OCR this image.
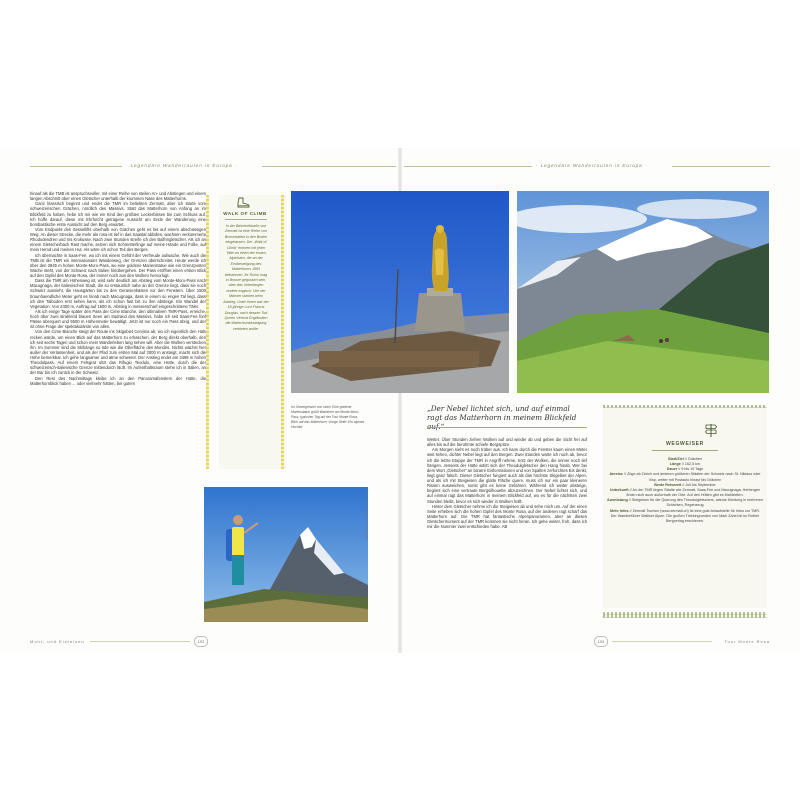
· Legendäre Wanderrouten in Europa ·	· Legendäre Wanderrouten in Europa ·

hinauf als die TMB ist anspruchsvoller, mit einer Reihe von steilen An- und Abstiegen und einem langen Abschnitt über einen Gletscher unterhalb der krummen Nase des Matterhorns.

Ganz klassisch beginnt und endet die TMR im beliebten Zermatt, aber ich starte vom schweizerischen Grächen, nördlich des Massivs. Statt das Matterhorn von Anfang an im Blickfeld zu haben, hebe ich mir wie ein Kind den größten Leckerbissen bis zum Schluss auf. Ich hoffe darauf, diese mit Ehrfurcht getragene Aussicht am Ende der Wanderung eine bombastische erste Aussicht auf den Berg erwartet.

Vom Endpunkt des Sessellifts oberhalb von Grächen geht es bis auf einem abschüssigen Weg. An dieser Strecke, die mehr als rosa ist tief in das Saastal abfallen, wachsen verkümmerte Rhododendren und Iris Krokusse. Nach zwei Stunden streife ich den Balfringletscher. Als ich an einem Gletscherbach Rast mache, setzen sich Schmetterlinge auf meine Hände und Füße, auf mein Hemd und meinen Hut. Als wäre ich schon Teil des Berges.

Ich übernachte in Saas-Fee, wo ich mit einem Gefühl der Verfreude aufwache. Wie auch die TMB ist die TMR ein internationaler Wanderweg, der Grenzen überschreitet. Heute werde ich über den 2845 m hohen Monte-Moro-Pass, wo eine goldene Marienstatue wie ein Grenzposten Wache steht, von der Schweiz nach Italien hinübergehen. Der Pass eröffnet einen ersten Blick auf den Gipfel des Monte Rosa, der immer noch aus den Wolken hervorlugt.

Dass die TMR am Höhenweg ist, wird sehr deutlich am Abstieg vom Monte-Moro-Pass nach Macugnaga, der italienischen Stadt, die so erstaunlich nahe an der Grenze liegt, dass sie noch Schweiz aussieht, die Hausgärten bis zu den Geranienkästen vor den Fenstern. Über 1500 braunhaendliche Meter geht es hinab nach Macugnaga, dass in einem so engen Tal liegt, dass ich den Talboden erst sehen kann, als ich schon fast bis zu ihm absteige. Ein Wandel der Vegetation: Von 2300 m, Auftrag auf 1500 m, Abstieg in messerscharf eingeschnittene Täler.

Als ich einige Tage später den Pass der Cime Bianche, den ultimativen TMR-Pass, erreiche, hoch über zwei strahlend blauen Seen am Südrand des Massivs, habe ich seit Saas-Fee fünf Pässe überquert und 5500 m Höhenmeter bewältigt. Jetzt ist nur noch ein Pass übrig, und der ist ohne Frage der spektakulärste von allen.

Von den Cime Bianche steigt der Route ins Skigebiet Cervinia ab, wo ich eigentlich den Hals recken würde, um einen Blick auf das Matterhorn zu erhaschen, der Berg direkt oberhalb, den ich seit sechs Tagen und schon mein Wanderleben lang sehen will. Aber die Wolken verstecken ihn. Im Sommer sind die Skihänge so öde wie die Oberfläche des Mondes. Nichts wächst hier außer der Verlassenheit, und als der Pfad zum ersten Mal auf 3000 m ansteigt, macht sich die Höhe bemerkbar. Ich gehe langsamer und atme schwerer. Der Anstieg endet am 3496 m hohen Theodulpass. Auf einem Felsgrat sitzt das Rifugio Teodulo, eine Hütte, durch die der schweizerisch-italienische Grenze mittendurch läuft. Im Aufenthaltsraum stehe ich in Italien, an der Bar bin ich zurück in der Schweiz.

Den Rest des Nachmittags kleibe ich an den Panoramafenstern der Hütte, die Matterhornblick haben ... oder vielmehr hätten, bei gutem

WALK OF CLIMB
In der Bahnhofstraße von Zermatt ist eine Reihe von Bronzetafeln in den Boden eingelassen. Der „Walk of Climb“ erinnert mit jeder Tafel an einen der ersten Alpinisten, die an der Erstbesteigung des Matterhorns 1865 teilnahmen. Ihr Ruhm mag in Bronze gegossen sein, aber das Unterfangen endete tragisch: Vier der Männer starben beim Abstieg. Unter ihnen war der 18-jährige Lord Francis Douglas, nach dessen Tod Queen Victoria Engländern die Matterhornbesteigung verbieten wollte.
Im Uhrzeigersinn von oben: Eine goldene Marienstatue grüßt Wanderer am Monte-Moro-Pass; typischer Tag auf der Tour Monte Rosa; Blick auf das Matterhorn; Vorige Seite: Ein alpines Hochtal
© Carsten Rose / Shutterstock; Florian Müller
„Der Nebel lichtet sich, und auf einmal ragt das Matterhorn in meinem Blickfeld auf.“

Wetter. Über Stunden ziehen Wolken auf und wieder ab und geben die Sicht frei auf alles bis auf die berühmte schiefe Bergspitze.

Am Morgen sieht es noch trüber aus. Ich kann durch die Fenster kaum einen Meter weit sehen, dichter Nebel liegt auf den Bergen. Zwei Stunden warte ich noch ab, bevor ich die letzte Etappe der TMR in Angriff nehme, trotz der Wolken, die immer noch tief hängen. Jenseits der Hütte wälzt sich der Theodulgletscher den Hang hinab. Wer bei dem Wort „Gletscher“ an bizarre Eisformationen und von Spalten zerfurchtes Eis denkt, liegt ganz falsch. Dieser Gletscher fungiert auch als das höchste Skigebiet der Alpen, und als ich mit Steigeisen die glatte Fläche quere, muss ich nur ein paar kleineren Rissen ausweichen, sonst gibt es keine Gefahren. Während ich weiter absteige, beginnt sich eine vertraute Bergsilhouette abzuzeichnen. Der Nebel lichtet sich, und auf einmal ragt das Matterhorn in meinem Blickfeld auf, wo es für die nächsten zwei Stunden bleibt, bevor es sich wieder in Wolken hüllt.

Hinter dem Gletscher nehme ich die Steigeisen ab und sehe mich um. Auf der einen Seite erheben sich die hohen Gipfel des Monte Rosa, auf der anderen ragt scharf das Matterhorn auf. Die TMR hat fantastische Alpenpanoramen, aber an diesen Gletschermoment auf der TMR kommen sie nicht heran. Ich gehe weiter, froh, dass ich mir die Nummer zwei entschieden habe. AB

WEGWEISER
Start/Ziel // Grächen
Länge // 162,5 km
Dauer // 9 bis 10 Tage
Anreise // Züge ab Zürich und anderen größeren Städten der Schweiz nach St. Niklaus oder Visp, weiter mit Postauto hinauf bis Grächen
Beste Reisezeit // Juli bis September
Unterkunft // An der TMR liegen Städte wie Zermatt, Saas-Fee und Macugnaga, Herbergen finden sich auch außerhalb der Orte. Auf den Hütten gibt es Mahlzeiten.
Ausrüstung // Steigeisen für die Querung des Theodulgletschers, warme Kleidung in mehreren Schichten, Regenzeug
Mehr Infos // Zermatt Tourism (www.zermatt.ch) ist eine gute Anlaufstelle für Infos zur TMR. Der Wanderführer Walliser Alpen. Die großen Trekkingrunden von Mark Zahel ist im Rother Bergverlag erschienen.
Mont- und Eisreisen	192	193	Tour Monte Rosa
